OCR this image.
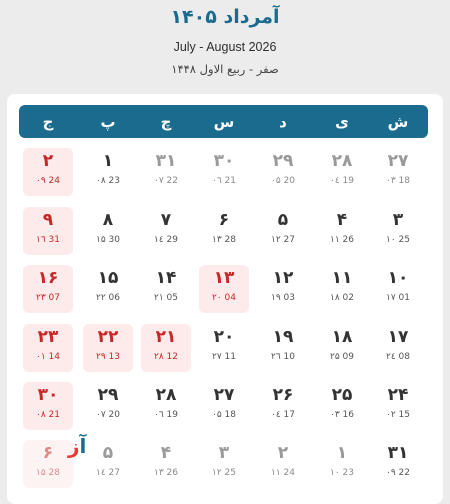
آمرداد ۱۴۰۵
July - August 2026
صفر - ربیع الاول ۱۴۴۸
ش
ی
د
س
چ
پ
ج
۲۷
۰۳ 18
۲۸
۰٤ 19
۲۹
۰۵ 20
۳۰
۰٦ 21
۳۱
۰۷ 22
۱
۰۸ 23
۲
۰۹ 24
۳
۱۰ 25
۴
۱۱ 26
۵
۱۲ 27
۶
۱۳ 28
۷
۱٤ 29
۸
۱۵ 30
۹
۱٦ 31
۱۰
۱۷ 01
۱۱
۱۸ 02
۱۲
۱۹ 03
۱۳
۲۰ 04
۱۴
۲۱ 05
۱۵
۲۲ 06
۱۶
۲۳ 07
۱۷
۲٤ 08
۱۸
۲۵ 09
۱۹
۲٦ 10
۲۰
۲۷ 11
۲۱
۲۸ 12
۲۲
۲۹ 13
۲۳
۰۱ 14
۲۴
۰۲ 15
۲۵
۰۳ 16
۲۶
۰٤ 17
۲۷
۰۵ 18
۲۸
۰٦ 19
۲۹
۰۷ 20
۳۰
۰۸ 21
۳۱
۰۹ 22
۱
۱۰ 23
۲
۱۱ 24
۳
۱۲ 25
۴
۱۳ 26
۵
۱٤ 27
۶
۱۵ 28
آز
